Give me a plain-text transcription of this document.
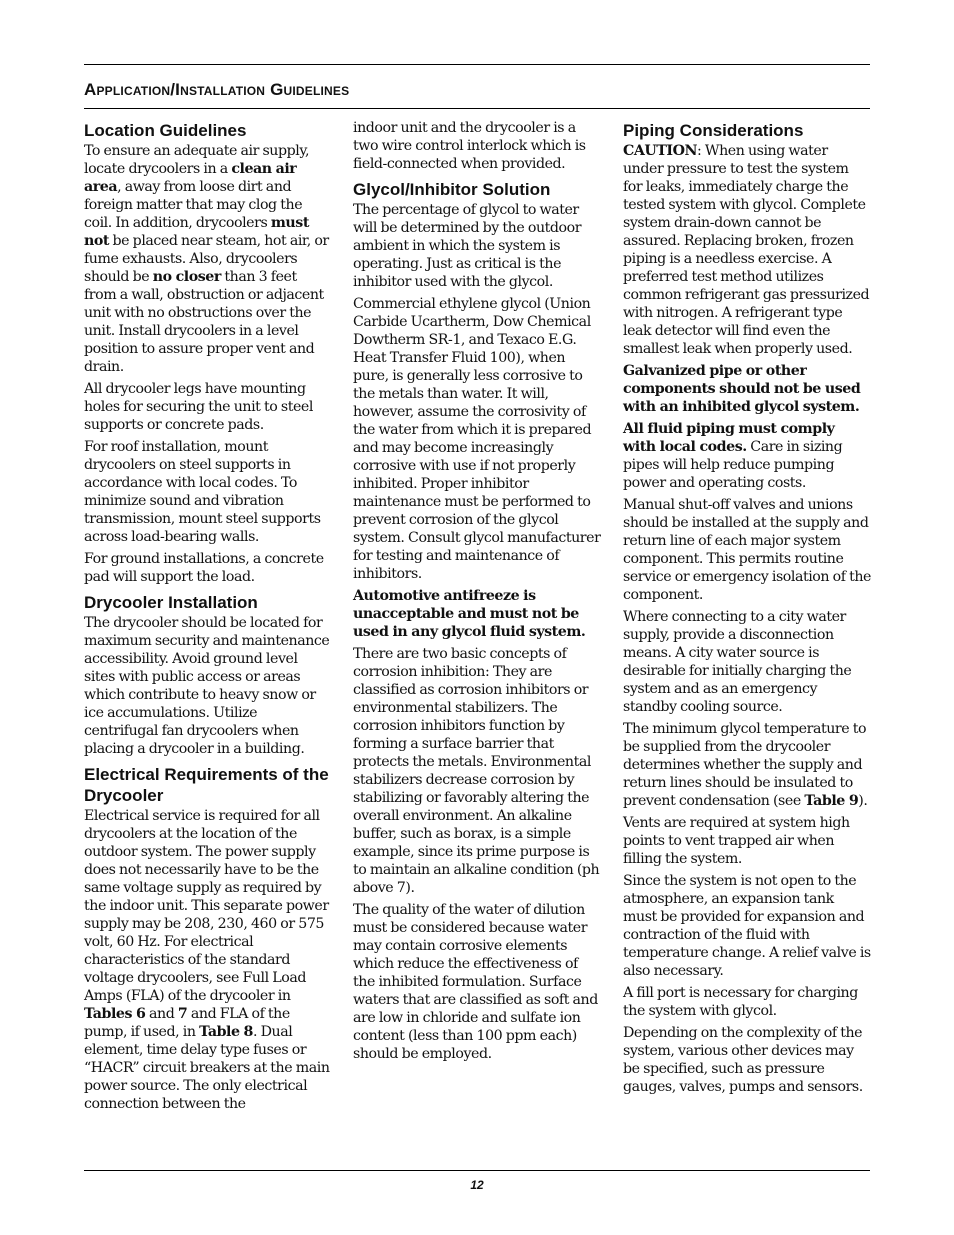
Application/Installation Guidelines
Location Guidelines

To ensure an adequate air supply, locate drycoolers in a clean air area, away from loose dirt and foreign matter that may clog the coil. In addition, drycoolers must not be placed near steam, hot air, or fume exhausts. Also, drycoolers should be no closer than 3 feet from a wall, obstruction or adjacent unit with no obstructions over the unit. Install drycoolers in a level position to assure proper vent and drain.

All drycooler legs have mounting holes for securing the unit to steel supports or concrete pads.

For roof installation, mount drycoolers on steel supports in accordance with local codes. To minimize sound and vibration transmission, mount steel supports across load-bearing walls.

For ground installations, a concrete pad will support the load.

Drycooler Installation

The drycooler should be located for maximum security and maintenance accessibility. Avoid ground level sites with public access or areas which contribute to heavy snow or ice accumulations. Utilize centrifugal fan drycoolers when placing a drycooler in a building.

Electrical Requirements of the Drycooler

Electrical service is required for all drycoolers at the location of the outdoor system. The power supply does not necessarily have to be the same voltage supply as required by the indoor unit. This separate power supply may be 208, 230, 460 or 575 volt, 60 Hz. For electrical characteristics of the standard voltage drycoolers, see Full Load Amps (FLA) of the drycooler in Tables 6 and 7 and FLA of the pump, if used, in Table 8. Dual element, time delay type fuses or “HACR” circuit breakers at the main power source. The only electrical connection between the

indoor unit and the drycooler is a two wire control interlock which is field-connected when provided.

Glycol/Inhibitor Solution

The percentage of glycol to water will be determined by the outdoor ambient in which the system is operating. Just as critical is the inhibitor used with the glycol.

Commercial ethylene glycol (Union Carbide Ucartherm, Dow Chemical Dowtherm SR-1, and Texaco E.G. Heat Transfer Fluid 100), when pure, is generally less corrosive to the metals than water. It will, however, assume the corrosivity of the water from which it is prepared and may become increasingly corrosive with use if not properly inhibited. Proper inhibitor maintenance must be performed to prevent corrosion of the glycol system. Consult glycol manufacturer for testing and maintenance of inhibitors.

Automotive antifreeze is unacceptable and must not be used in any glycol fluid system.

There are two basic concepts of corrosion inhibition: They are classified as corrosion inhibitors or environmental stabilizers. The corrosion inhibitors function by forming a surface barrier that protects the metals. Environmental stabilizers decrease corrosion by stabilizing or favorably altering the overall environment. An alkaline buffer, such as borax, is a simple example, since its prime purpose is to maintain an alkaline condition (ph above 7).

The quality of the water of dilution must be considered because water may contain corrosive elements which reduce the effectiveness of the inhibited formulation. Surface waters that are classified as soft and are low in chloride and sulfate ion content (less than 100 ppm each) should be employed.

Piping Considerations

CAUTION: When using water under pressure to test the system for leaks, immediately charge the tested system with glycol. Complete system drain-down cannot be assured. Replacing broken, frozen piping is a needless exercise. A preferred test method utilizes common refrigerant gas pressurized with nitrogen. A refrigerant type leak detector will find even the smallest leak when properly used.

Galvanized pipe or other components should not be used with an inhibited glycol system.

All fluid piping must comply with local codes. Care in sizing pipes will help reduce pumping power and operating costs.

Manual shut-off valves and unions should be installed at the supply and return line of each major system component. This permits routine service or emergency isolation of the component.

Where connecting to a city water supply, provide a disconnection means. A city water source is desirable for initially charging the system and as an emergency standby cooling source.

The minimum glycol temperature to be supplied from the drycooler determines whether the supply and return lines should be insulated to prevent condensation (see Table 9).

Vents are required at system high points to vent trapped air when filling the system.

Since the system is not open to the atmosphere, an expansion tank must be provided for expansion and contraction of the fluid with temperature change. A relief valve is also necessary.

A fill port is necessary for charging the system with glycol.

Depending on the complexity of the system, various other devices may be specified, such as pressure gauges, valves, pumps and sensors.

12
